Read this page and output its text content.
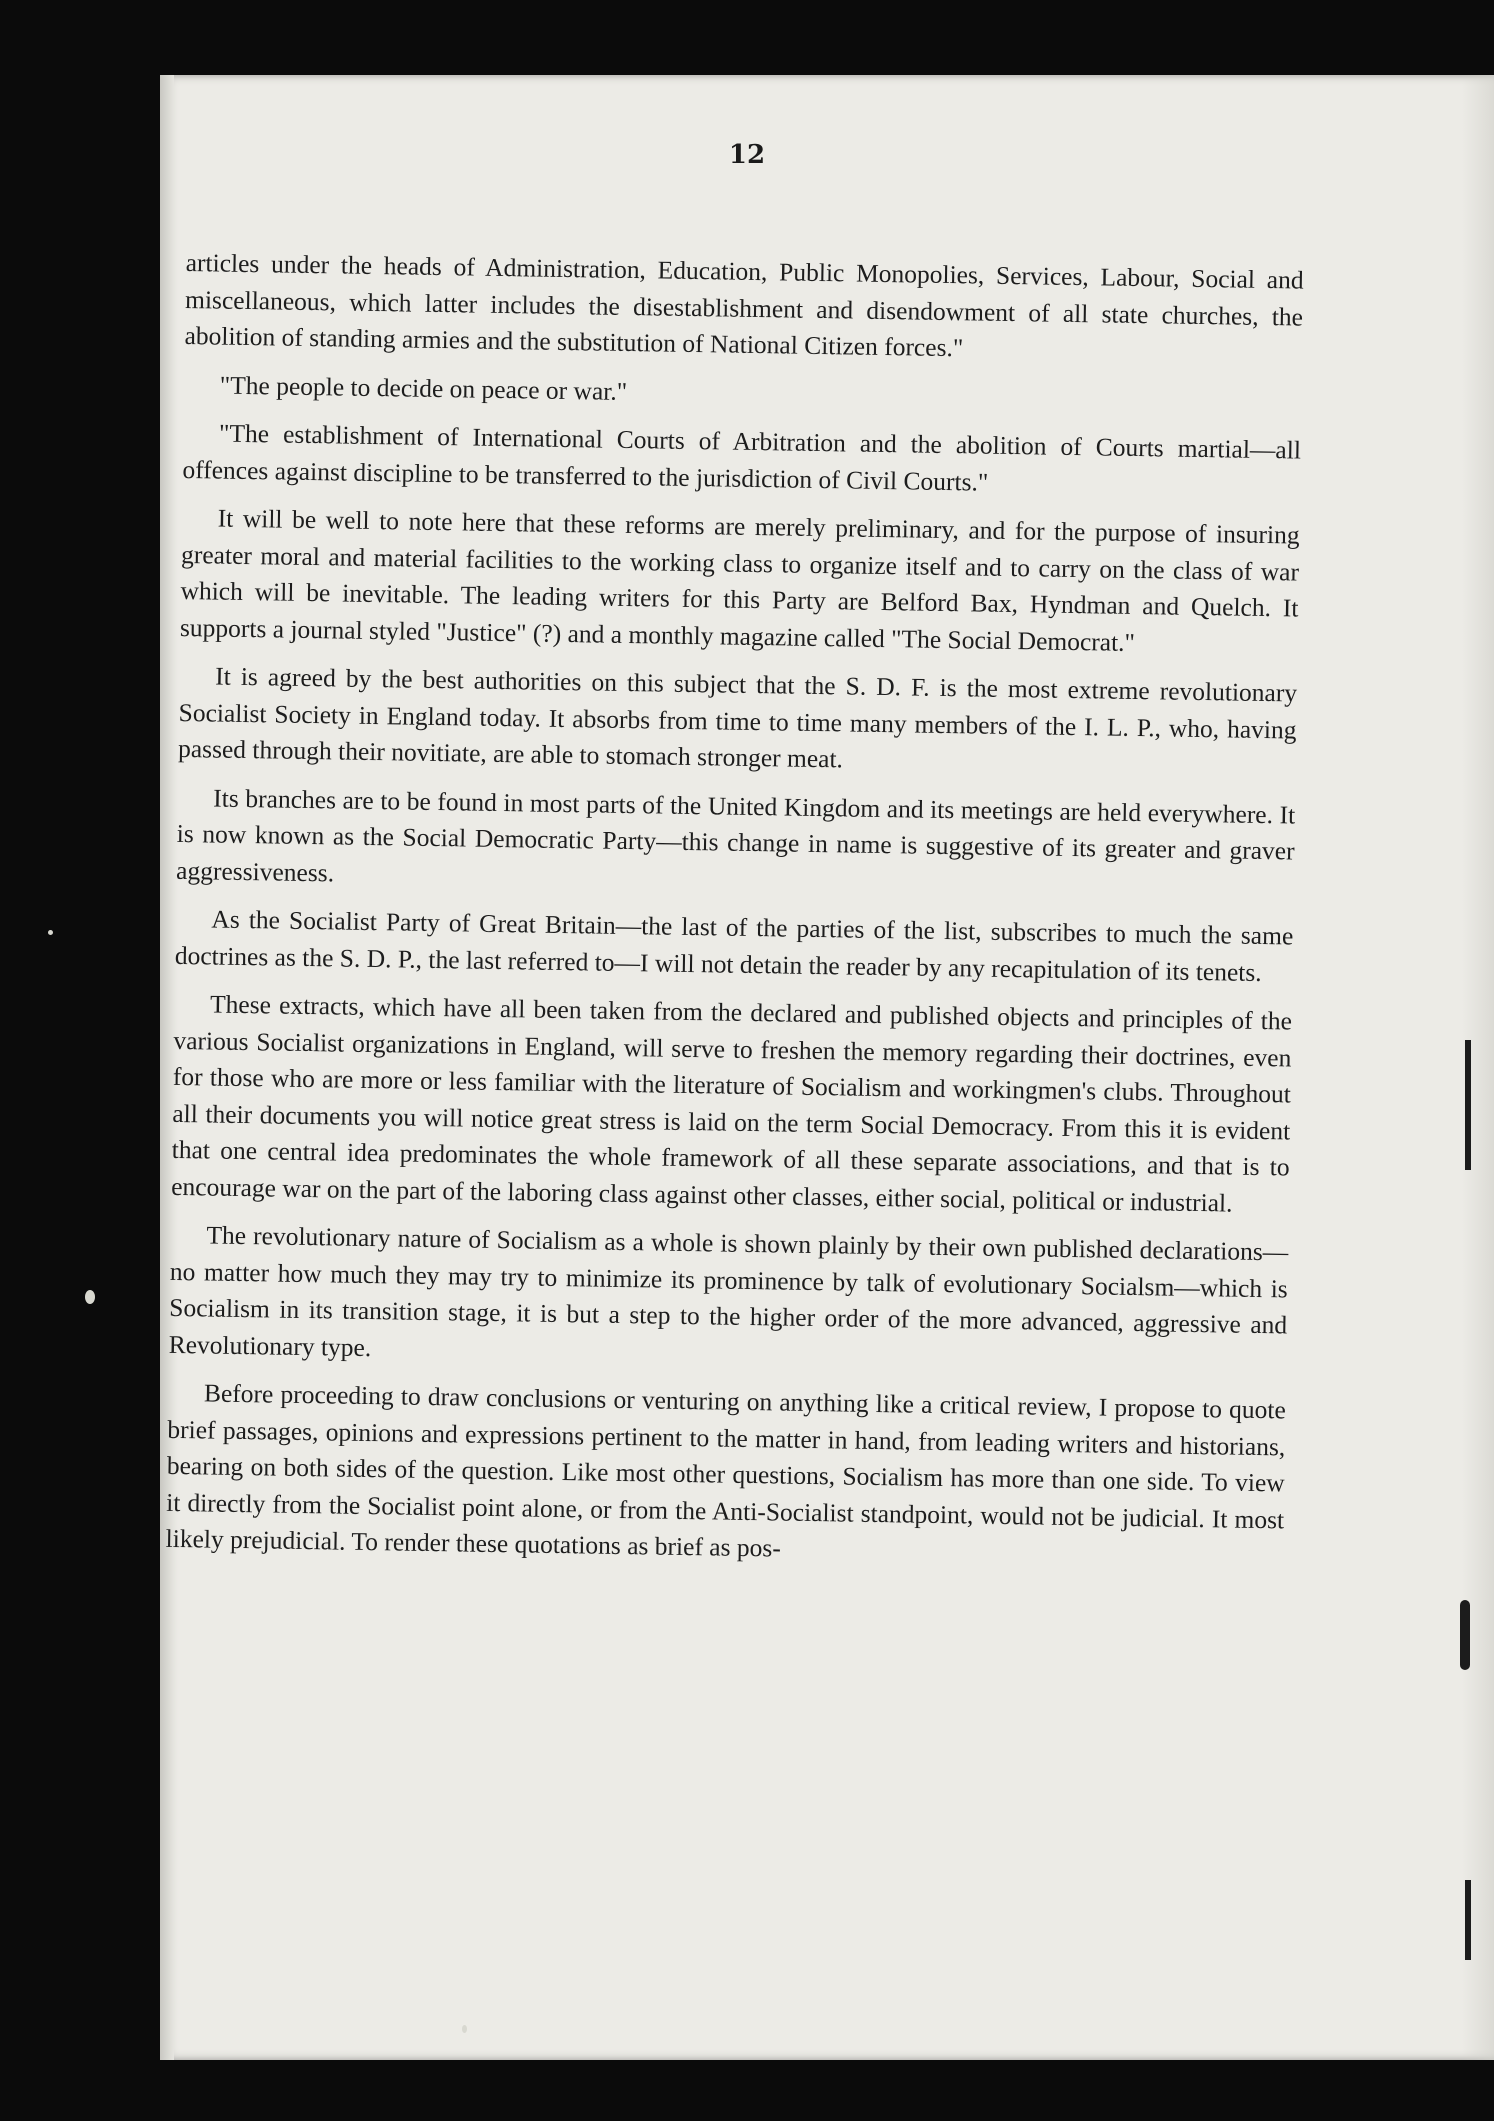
12

articles under the heads of Administration, Education, Public Monopolies, Services, Labour, Social and miscellaneous, which latter includes the disestablishment and disendowment of all state churches, the abolition of standing armies and the substitution of National Citizen forces."

"The people to decide on peace or war."

"The establishment of International Courts of Arbitration and the abolition of Courts martial—all offences against discipline to be transferred to the jurisdiction of Civil Courts."

It will be well to note here that these reforms are merely preliminary, and for the purpose of insuring greater moral and material facilities to the working class to organize itself and to carry on the class of war which will be inevitable. The leading writers for this Party are Belford Bax, Hyndman and Quelch. It supports a journal styled "Justice" (?) and a monthly magazine called "The Social Democrat."

It is agreed by the best authorities on this subject that the S. D. F. is the most extreme revolutionary Socialist Society in England today. It absorbs from time to time many members of the I. L. P., who, having passed through their novitiate, are able to stomach stronger meat.

Its branches are to be found in most parts of the United Kingdom and its meetings are held everywhere. It is now known as the Social Democratic Party—this change in name is suggestive of its greater and graver aggressiveness.

As the Socialist Party of Great Britain—the last of the parties of the list, subscribes to much the same doctrines as the S. D. P., the last referred to—I will not detain the reader by any recapitulation of its tenets.

These extracts, which have all been taken from the declared and published objects and principles of the various Socialist organizations in England, will serve to freshen the memory regarding their doctrines, even for those who are more or less familiar with the literature of Socialism and workingmen's clubs. Throughout all their documents you will notice great stress is laid on the term Social Democracy. From this it is evident that one central idea predominates the whole framework of all these separate associations, and that is to encourage war on the part of the laboring class against other classes, either social, political or industrial.

The revolutionary nature of Socialism as a whole is shown plainly by their own published declarations—no matter how much they may try to minimize its prominence by talk of evolutionary Socialsm—which is Socialism in its transition stage, it is but a step to the higher order of the more advanced, aggressive and Revolutionary type.

Before proceeding to draw conclusions or venturing on anything like a critical review, I propose to quote brief passages, opinions and expressions pertinent to the matter in hand, from leading writers and historians, bearing on both sides of the question. Like most other questions, Socialism has more than one side. To view it directly from the Socialist point alone, or from the Anti-Socialist standpoint, would not be judicial. It most likely prejudicial. To render these quotations as brief as pos-
